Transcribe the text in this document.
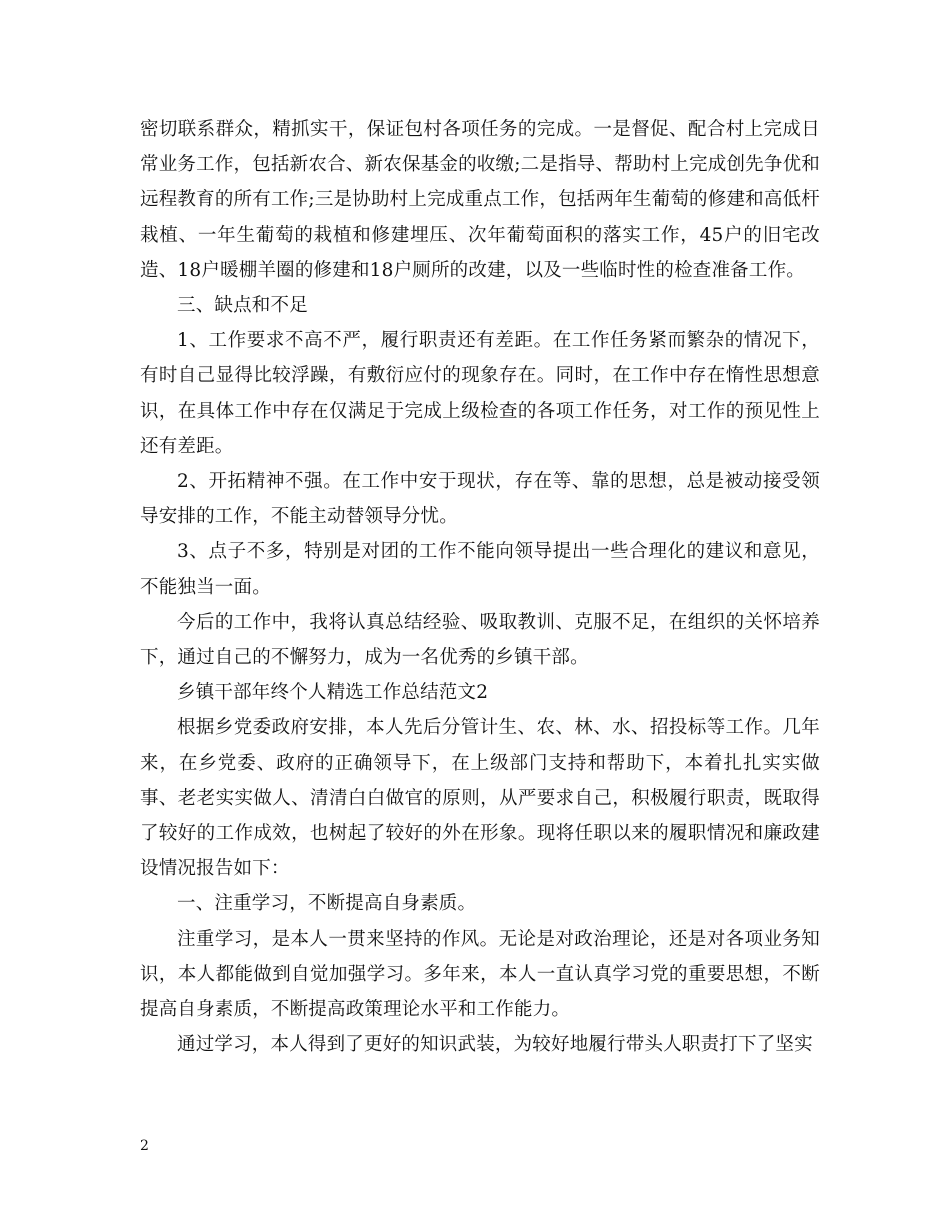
密切联系群众，精抓实干，保证包村各项任务的完成。一是督促、配合村上完成日常业务工作，包括新农合、新农保基金的收缴;二是指导、帮助村上完成创先争优和远程教育的所有工作;三是协助村上完成重点工作，包括两年生葡萄的修建和高低杆栽植、一年生葡萄的栽植和修建埋压、次年葡萄面积的落实工作，45户的旧宅改造、18户暖棚羊圈的修建和18户厕所的改建，以及一些临时性的检查准备工作。

三、缺点和不足

1、工作要求不高不严，履行职责还有差距。在工作任务紧而繁杂的情况下，有时自己显得比较浮躁，有敷衍应付的现象存在。同时，在工作中存在惰性思想意识，在具体工作中存在仅满足于完成上级检查的各项工作任务，对工作的预见性上还有差距。

2、开拓精神不强。在工作中安于现状，存在等、靠的思想，总是被动接受领导安排的工作，不能主动替领导分忧。

3、点子不多，特别是对团的工作不能向领导提出一些合理化的建议和意见，不能独当一面。

今后的工作中，我将认真总结经验、吸取教训、克服不足，在组织的关怀培养下，通过自己的不懈努力，成为一名优秀的乡镇干部。

乡镇干部年终个人精选工作总结范文2

根据乡党委政府安排，本人先后分管计生、农、林、水、招投标等工作。几年来，在乡党委、政府的正确领导下，在上级部门支持和帮助下，本着扎扎实实做事、老老实实做人、清清白白做官的原则，从严要求自己，积极履行职责，既取得了较好的工作成效，也树起了较好的外在形象。现将任职以来的履职情况和廉政建设情况报告如下：

一、注重学习，不断提高自身素质。

注重学习，是本人一贯来坚持的作风。无论是对政治理论，还是对各项业务知识，本人都能做到自觉加强学习。多年来，本人一直认真学习党的重要思想，不断提高自身素质，不断提高政策理论水平和工作能力。

通过学习，本人得到了更好的知识武装，为较好地履行带头人职责打下了坚实

2
